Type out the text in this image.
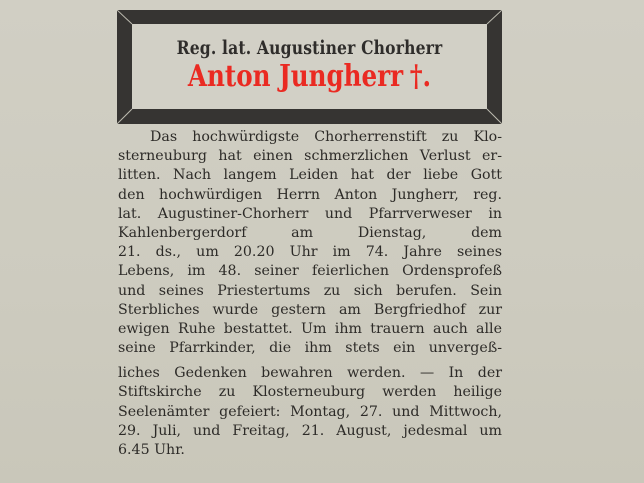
Reg. lat. Augustiner Chorherr
Anton Jungherr †.
Das hochwürdigste Chorherrenstift zu Klo-
sterneuburg hat einen schmerzlichen Verlust er-
litten. Nach langem Leiden hat der liebe Gott
den hochwürdigen Herrn Anton Jungherr, reg.
lat. Augustiner-Chorherr und Pfarrverweser in
Kahlenbergerdorf am Dienstag, dem
21. ds., um 20.20 Uhr im 74. Jahre seines
Lebens, im 48. seiner feierlichen Ordensprofeß
und seines Priestertums zu sich berufen. Sein
Sterbliches wurde gestern am Bergfriedhof zur
ewigen Ruhe bestattet. Um ihm trauern auch alle
seine Pfarrkinder, die ihm stets ein unvergeß-
liches Gedenken bewahren werden. — In der
Stiftskirche zu Klosterneuburg werden heilige
Seelenämter gefeiert: Montag, 27. und Mittwoch,
29. Juli, und Freitag, 21. August, jedesmal um
6.45 Uhr.
